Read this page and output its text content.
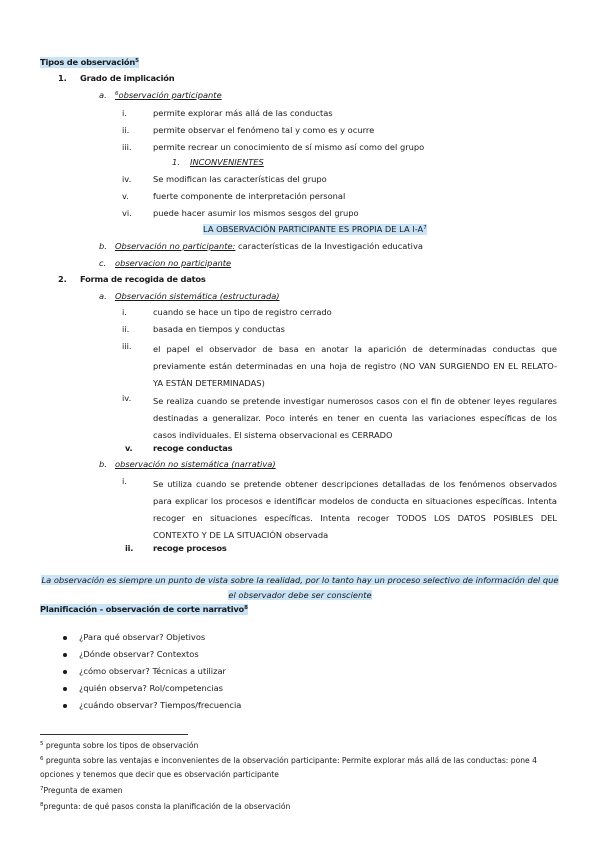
Tipos de observación$^5$
1. Grado de implicación
a. $^6$observación participante
i.	permite explorar más allá de las conductas
ii.	permite observar el fenómeno tal y como es y ocurre
iii.	permite recrear un conocimiento de sí mismo así como del grupo
1. INCONVENIENTES
iv.	Se modifican las características del grupo
v.	fuerte componente de interpretación personal
vi.	puede hacer asumir los mismos sesgos del grupo
LA OBSERVACIÓN PARTICIPANTE ES PROPIA DE LA $I-A^7$
b. Observación no participante: características de la Investigación educativa
c. observacion no participante
2. Forma de recogida de datos
a. Observación sistemática (estructurada)
i.	cuando se hace un tipo de registro cerrado
ii.	basada en tiempos y conductas
iii.	el papel el observador de basa en anotar la aparición de determinadas conductas que previamente están determinadas en una hoja de registro (NO VAN SURGIENDO EN EL RELATO- YA ESTÁN DETERMINADAS)
iv.	Se realiza cuando se pretende investigar numerosos casos con el fin de obtener leyes regulares destinadas a generalizar. Poco interés en tener en cuenta las variaciones específicas de los casos individuales. El sistema observacional es CERRADO
v. recoge conductas
b. observación no sistemática (narrativa)
i.	Se utiliza cuando se pretende obtener descripciones detalladas de los fenómenos observados para explicar los procesos e identificar modelos de conducta en situaciones específicas. Intenta recoger en situaciones específicas. Intenta recoger TODOS LOS DATOS POSIBLES DEL CONTEXTO Y DE LA SITUACIÓN observada
ii. recoge procesos
La observación es siempre un punto de vista sobre la realidad, por lo tanto hay un proceso selectivo de información del que el observador debe ser consciente
Planificación - observación de corte narrativo$^8$
¿Para qué observar? Objetivos
¿Dónde observar? Contextos
¿cómo observar? Técnicas a utilizar
¿quién observa? Rol/competencias
¿cuándo observar? Tiempos/frecuencia
$^5$ pregunta sobre los tipos de observación
$^6$ pregunta sobre las ventajas e inconvenientes de la observación participante: Permite explorar más allá de las conductas: pone 4 opciones y tenemos que decir que es observación participante
$^7$Pregunta de examen
$^8$pregunta: de qué pasos consta la planificación de la observación
